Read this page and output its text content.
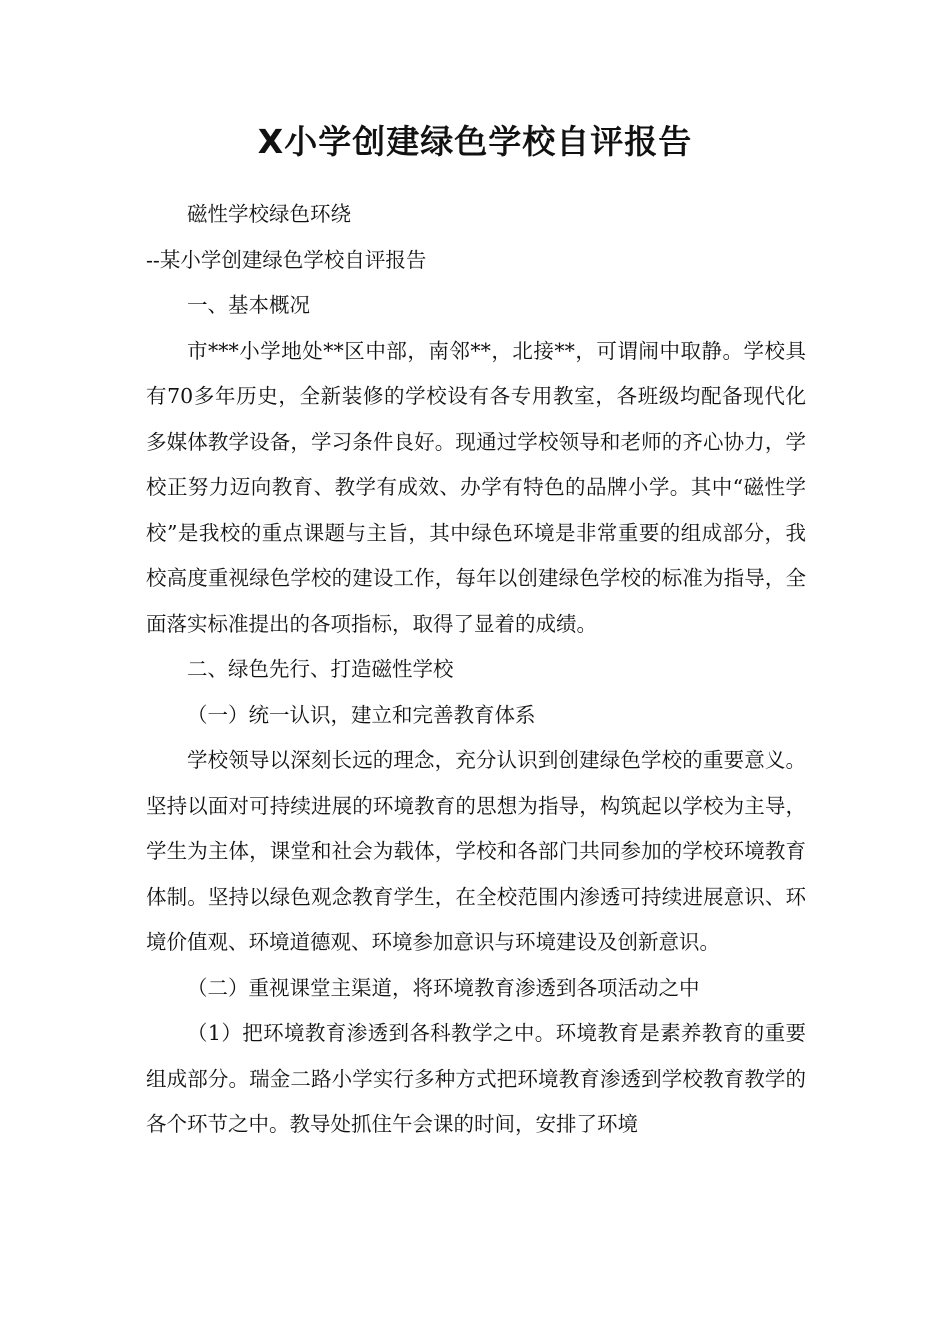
X小学创建绿色学校自评报告

磁性学校绿色环绕

--某小学创建绿色学校自评报告

一、基本概况

市***小学地处**区中部，南邻**，北接**，可谓闹中取静。学校具有70多年历史，全新装修的学校设有各专用教室，各班级均配备现代化多媒体教学设备，学习条件良好。现通过学校领导和老师的齐心协力，学校正努力迈向教育、教学有成效、办学有特色的品牌小学。其中“磁性学校”是我校的重点课题与主旨，其中绿色环境是非常重要的组成部分，我校高度重视绿色学校的建设工作，每年以创建绿色学校的标准为指导，全面落实标准提出的各项指标，取得了显着的成绩。

二、绿色先行、打造磁性学校

（一）统一认识，建立和完善教育体系

学校领导以深刻长远的理念，充分认识到创建绿色学校的重要意义。坚持以面对可持续进展的环境教育的思想为指导，构筑起以学校为主导，学生为主体，课堂和社会为载体，学校和各部门共同参加的学校环境教育体制。坚持以绿色观念教育学生，在全校范围内渗透可持续进展意识、环境价值观、环境道德观、环境参加意识与环境建设及创新意识。

（二）重视课堂主渠道，将环境教育渗透到各项活动之中

（1）把环境教育渗透到各科教学之中。环境教育是素养教育的重要组成部分。瑞金二路小学实行多种方式把环境教育渗透到学校教育教学的各个环节之中。教导处抓住午会课的时间，安排了环境
